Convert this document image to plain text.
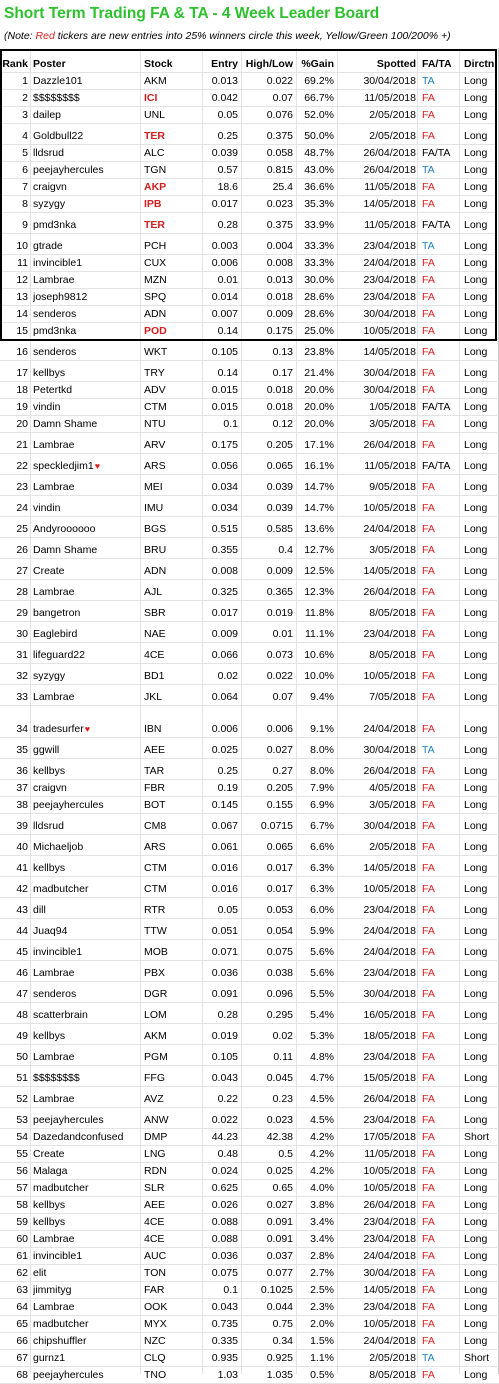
Short Term Trading FA & TA - 4 Week Leader Board
(Note: Red tickers are new entries into 25% winners circle this week, Yellow/Green 100/200% +)
Rank Poster	Stock	Entry High/Low %Gain	Spotted FA/TA	Dirctn
1 Dazzle101	AKM	0.013	0.022	69.2%	30/04/2018 TA	Long
2 $$$$$$$$	ICI	0.042	0.07	66.7%	11/05/2018 FA	Long
3 dailep	UNL	0.05	0.076	52.0%	2/05/2018 FA	Long
4 Goldbull22	TER	0.25	0.375	50.0%	2/05/2018 FA	Long
5 lldsrud	ALC	0.039	0.058	48.7%	26/04/2018 FA/TA	Long
6 peejayhercules	TGN	0.57	0.815	43.0%	26/04/2018 TA	Long
7 craigvn	AKP	18.6	25.4	36.6%	11/05/2018 FA	Long
8 syzygy	IPB	0.017	0.023	35.3%	14/05/2018 FA	Long
9 pmd3nka	TER	0.28	0.375	33.9%	11/05/2018 FA/TA	Long
10 gtrade	PCH	0.003	0.004	33.3%	23/04/2018 TA	Long
11 invincible1	CUX	0.006	0.008	33.3%	24/04/2018 FA	Long
12 Lambrae	MZN	0.01	0.013	30.0%	23/04/2018 FA	Long
13 joseph9812	SPQ	0.014	0.018	28.6%	23/04/2018 FA	Long
14 senderos	ADN	0.007	0.009	28.6%	30/04/2018 FA	Long
15 pmd3nka	POD	0.14	0.175	25.0%	10/05/2018 FA	Long
16 senderos	WKT	0.105	0.13	23.8%	14/05/2018 FA	Long
17 kellbys	TRY	0.14	0.17	21.4%	30/04/2018 FA	Long
18 Petertkd	ADV	0.015	0.018	20.0%	30/04/2018 FA	Long
19 vindin	CTM	0.015	0.018	20.0%	1/05/2018 FA/TA	Long
20 Damn Shame	NTU	0.1	0.12	20.0%	3/05/2018 FA	Long
21 Lambrae	ARV	0.175	0.205	17.1%	26/04/2018 FA	Long
22 speckledjim1♥	ARS	0.056	0.065	16.1%	11/05/2018 FA/TA	Long
23 Lambrae	MEI	0.034	0.039	14.7%	9/05/2018 FA	Long
24 vindin	IMU	0.034	0.039	14.7%	10/05/2018 FA	Long
25 Andyroooooo	BGS	0.515	0.585	13.6%	24/04/2018 FA	Long
26 Damn Shame	BRU	0.355	0.4	12.7%	3/05/2018 FA	Long
27 Create	ADN	0.008	0.009	12.5%	14/05/2018 FA	Long
28 Lambrae	AJL	0.325	0.365	12.3%	26/04/2018 FA	Long
29 bangetron	SBR	0.017	0.019	11.8%	8/05/2018 FA	Long
30 Eaglebird	NAE	0.009	0.01	11.1%	23/04/2018 FA	Long
31 lifeguard22	4CE	0.066	0.073	10.6%	8/05/2018 FA	Long
32 syzygy	BD1	0.02	0.022	10.0%	10/05/2018 FA	Long
33 Lambrae	JKL	0.064	0.07	9.4%	7/05/2018 FA	Long
34 tradesurfer♥	IBN	0.006	0.006	9.1%	24/04/2018 FA	Long
35 ggwill	AEE	0.025	0.027	8.0%	30/04/2018 TA	Long
36 kellbys	TAR	0.25	0.27	8.0%	26/04/2018 FA	Long
37 craigvn	FBR	0.19	0.205	7.9%	4/05/2018 FA	Long
38 peejayhercules	BOT	0.145	0.155	6.9%	3/05/2018 FA	Long
39 lldsrud	CM8	0.067	0.0715	6.7%	30/04/2018 FA	Long
40 Michaeljob	ARS	0.061	0.065	6.6%	2/05/2018 FA	Long
41 kellbys	CTM	0.016	0.017	6.3%	14/05/2018 FA	Long
42 madbutcher	CTM	0.016	0.017	6.3%	10/05/2018 FA	Long
43 dill	RTR	0.05	0.053	6.0%	23/04/2018 FA	Long
44 Juaq94	TTW	0.051	0.054	5.9%	24/04/2018 FA	Long
45 invincible1	MOB	0.071	0.075	5.6%	24/04/2018 FA	Long
46 Lambrae	PBX	0.036	0.038	5.6%	23/04/2018 FA	Long
47 senderos	DGR	0.091	0.096	5.5%	30/04/2018 FA	Long
48 scatterbrain	LOM	0.28	0.295	5.4%	16/05/2018 FA	Long
49 kellbys	AKM	0.019	0.02	5.3%	18/05/2018 FA	Long
50 Lambrae	PGM	0.105	0.11	4.8%	23/04/2018 FA	Long
51 $$$$$$$$	FFG	0.043	0.045	4.7%	15/05/2018 FA	Long
52 Lambrae	AVZ	0.22	0.23	4.5%	26/04/2018 FA	Long
53 peejayhercules	ANW	0.022	0.023	4.5%	23/04/2018 FA	Long
54 Dazedandconfused	DMP	44.23	42.38	4.2%	17/05/2018 FA	Short
55 Create	LNG	0.48	0.5	4.2%	11/05/2018 FA	Long
56 Malaga	RDN	0.024	0.025	4.2%	10/05/2018 FA	Long
57 madbutcher	SLR	0.625	0.65	4.0%	10/05/2018 FA	Long
58 kellbys	AEE	0.026	0.027	3.8%	26/04/2018 FA	Long
59 kellbys	4CE	0.088	0.091	3.4%	23/04/2018 FA	Long
60 Lambrae	4CE	0.088	0.091	3.4%	23/04/2018 FA	Long
61 invincible1	AUC	0.036	0.037	2.8%	24/04/2018 FA	Long
62 elit	TON	0.075	0.077	2.7%	30/04/2018 FA	Long
63 jimmityg	FAR	0.1	0.1025	2.5%	14/05/2018 FA	Long
64 Lambrae	OOK	0.043	0.044	2.3%	23/04/2018 FA	Long
65 madbutcher	MYX	0.735	0.75	2.0%	10/05/2018 FA	Long
66 chipshuffler	NZC	0.335	0.34	1.5%	24/04/2018 FA	Long
67 gurnz1	CLQ	0.935	0.925	1.1%	2/05/2018 TA	Short
68 peejayhercules	TNO	1.03	1.035	0.5%	8/05/2018 FA	Long
